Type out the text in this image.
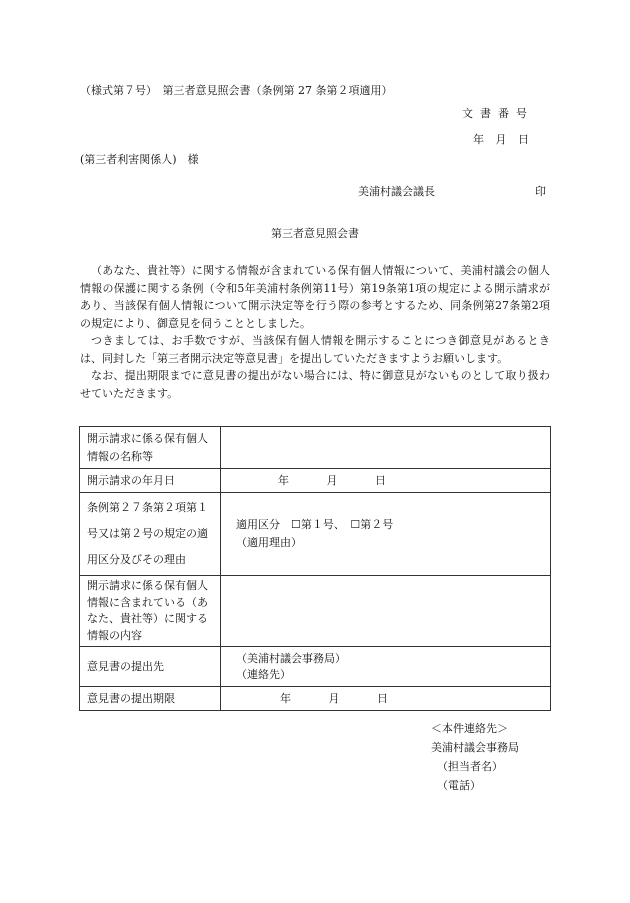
（様式第７号）　第三者意見照会書（条例第 27 条第２項適用）
文書番号
年 月 日
(第三者利害関係人)　様
美浦村議会議長	印
第三者意見照会書

（あなた、貴社等）に関する情報が含まれている保有個人情報について、美浦村議会の個人情報の保護に関する条例（令和5年美浦村条例第11号）第19条第1項の規定による開示請求があり、当該保有個人情報について開示決定等を行う際の参考とするため、同条例第27条第2項の規定により、御意見を伺うこととしました。

つきましては、お手数ですが、当該保有個人情報を開示することにつき御意見があるときは、同封した「第三者開示決定等意見書」を提出していただきますようお願いします。

なお、提出期限までに意見書の提出がない場合には、特に御意見がないものとして取り扱わせていただきます。

開示請求に係る保有個人情報の名称等	
開示請求の年月日	年 月 日
条例第２７条第２項第１号又は第２号の規定の適用区分及びその理由	適用区分　☐第１号、　☐第２号
（適用理由）

開示請求に係る保有個人情報に含まれている（あなた、貴社等）に関する情報の内容	
意見書の提出先	（美浦村議会事務局）
（連絡先）

意見書の提出期限	年 月 日
＜本件連絡先＞
美浦村議会事務局
（担当者名）
（電話）
